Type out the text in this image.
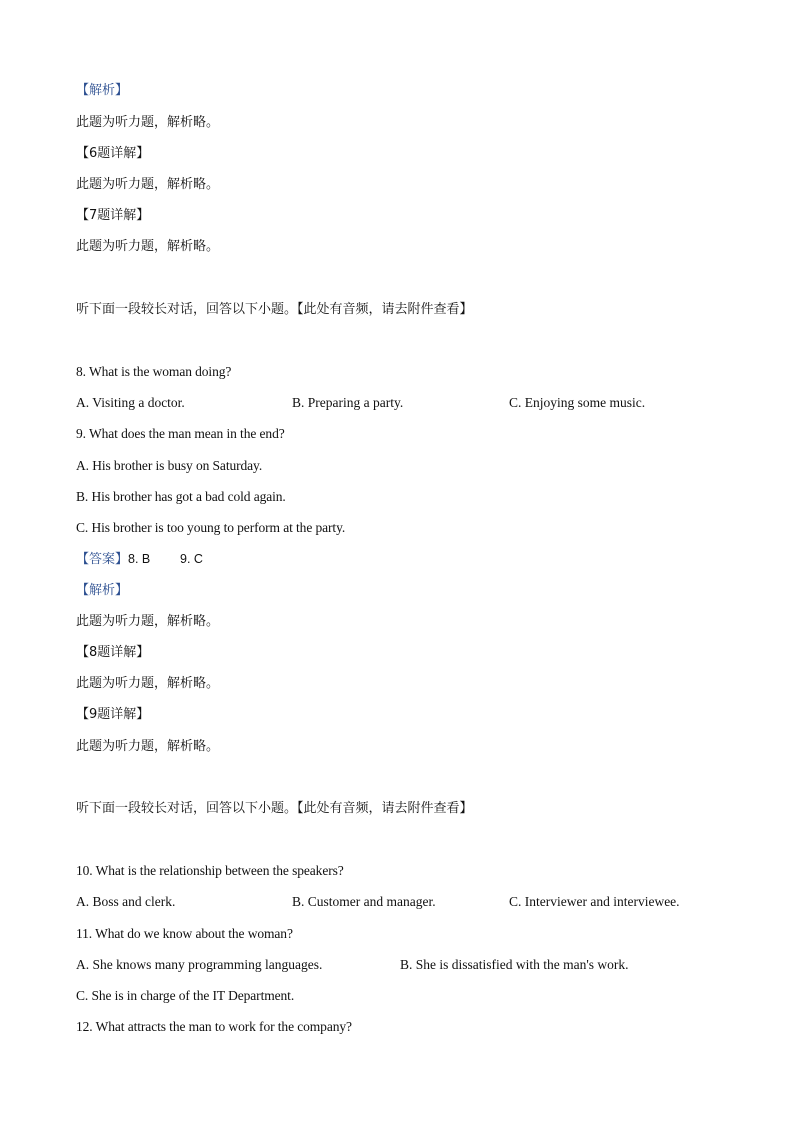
【解析】
此题为听力题，解析略。
【6题详解】
此题为听力题，解析略。
【7题详解】
此题为听力题，解析略。
听下面一段较长对话，回答以下小题。【此处有音频，请去附件查看】
8. What is the woman doing?
A. Visiting a doctor.	B. Preparing a party.	C. Enjoying some music.
9. What does the man mean in the end?
A. His brother is busy on Saturday.
B. His brother has got a bad cold again.
C. His brother is too young to perform at the party.
【答案】8. B 9. C
【解析】
此题为听力题，解析略。
【8题详解】
此题为听力题，解析略。
【9题详解】
此题为听力题，解析略。
听下面一段较长对话，回答以下小题。【此处有音频，请去附件查看】
10. What is the relationship between the speakers?
A. Boss and clerk.	B. Customer and manager.	C. Interviewer and interviewee.
11. What do we know about the woman?
A. She knows many programming languages.	B. She is dissatisfied with the man's work.
C. She is in charge of the IT Department.
12. What attracts the man to work for the company?
